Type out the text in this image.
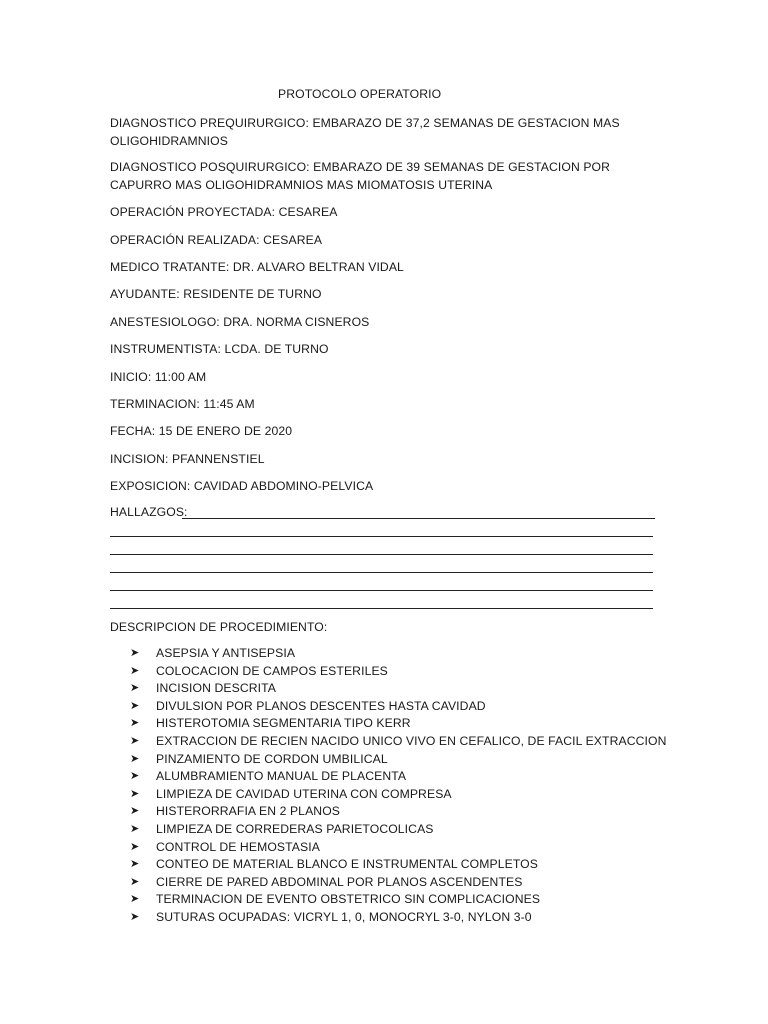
PROTOCOLO OPERATORIO
DIAGNOSTICO PREQUIRURGICO: EMBARAZO DE 37,2 SEMANAS DE GESTACION MAS OLIGOHIDRAMNIOS
DIAGNOSTICO POSQUIRURGICO: EMBARAZO DE 39 SEMANAS DE GESTACION POR CAPURRO MAS OLIGOHIDRAMNIOS MAS MIOMATOSIS UTERINA
OPERACIÓN PROYECTADA: CESAREA
OPERACIÓN REALIZADA: CESAREA
MEDICO TRATANTE: DR. ALVARO BELTRAN VIDAL
AYUDANTE: RESIDENTE DE TURNO
ANESTESIOLOGO: DRA. NORMA CISNEROS
INSTRUMENTISTA: LCDA. DE TURNO
INICIO: 11:00 AM
TERMINACION: 11:45 AM
FECHA: 15 DE ENERO DE 2020
INCISION: PFANNENSTIEL
EXPOSICION: CAVIDAD ABDOMINO-PELVICA
HALLAZGOS:
DESCRIPCION DE PROCEDIMIENTO:
➤	ASEPSIA Y ANTISEPSIA
➤	COLOCACION DE CAMPOS ESTERILES
➤	INCISION DESCRITA
➤	DIVULSION POR PLANOS DESCENTES HASTA CAVIDAD
➤	HISTEROTOMIA SEGMENTARIA TIPO KERR
➤	EXTRACCION DE RECIEN NACIDO UNICO VIVO EN CEFALICO, DE FACIL EXTRACCION
➤	PINZAMIENTO DE CORDON UMBILICAL
➤	ALUMBRAMIENTO MANUAL DE PLACENTA
➤	LIMPIEZA DE CAVIDAD UTERINA CON COMPRESA
➤	HISTERORRAFIA EN 2 PLANOS
➤	LIMPIEZA DE CORREDERAS PARIETOCOLICAS
➤	CONTROL DE HEMOSTASIA
➤	CONTEO DE MATERIAL BLANCO E INSTRUMENTAL COMPLETOS
➤	CIERRE DE PARED ABDOMINAL POR PLANOS ASCENDENTES
➤	TERMINACION DE EVENTO OBSTETRICO SIN COMPLICACIONES
➤	SUTURAS OCUPADAS: VICRYL 1, 0, MONOCRYL 3-0, NYLON 3-0
